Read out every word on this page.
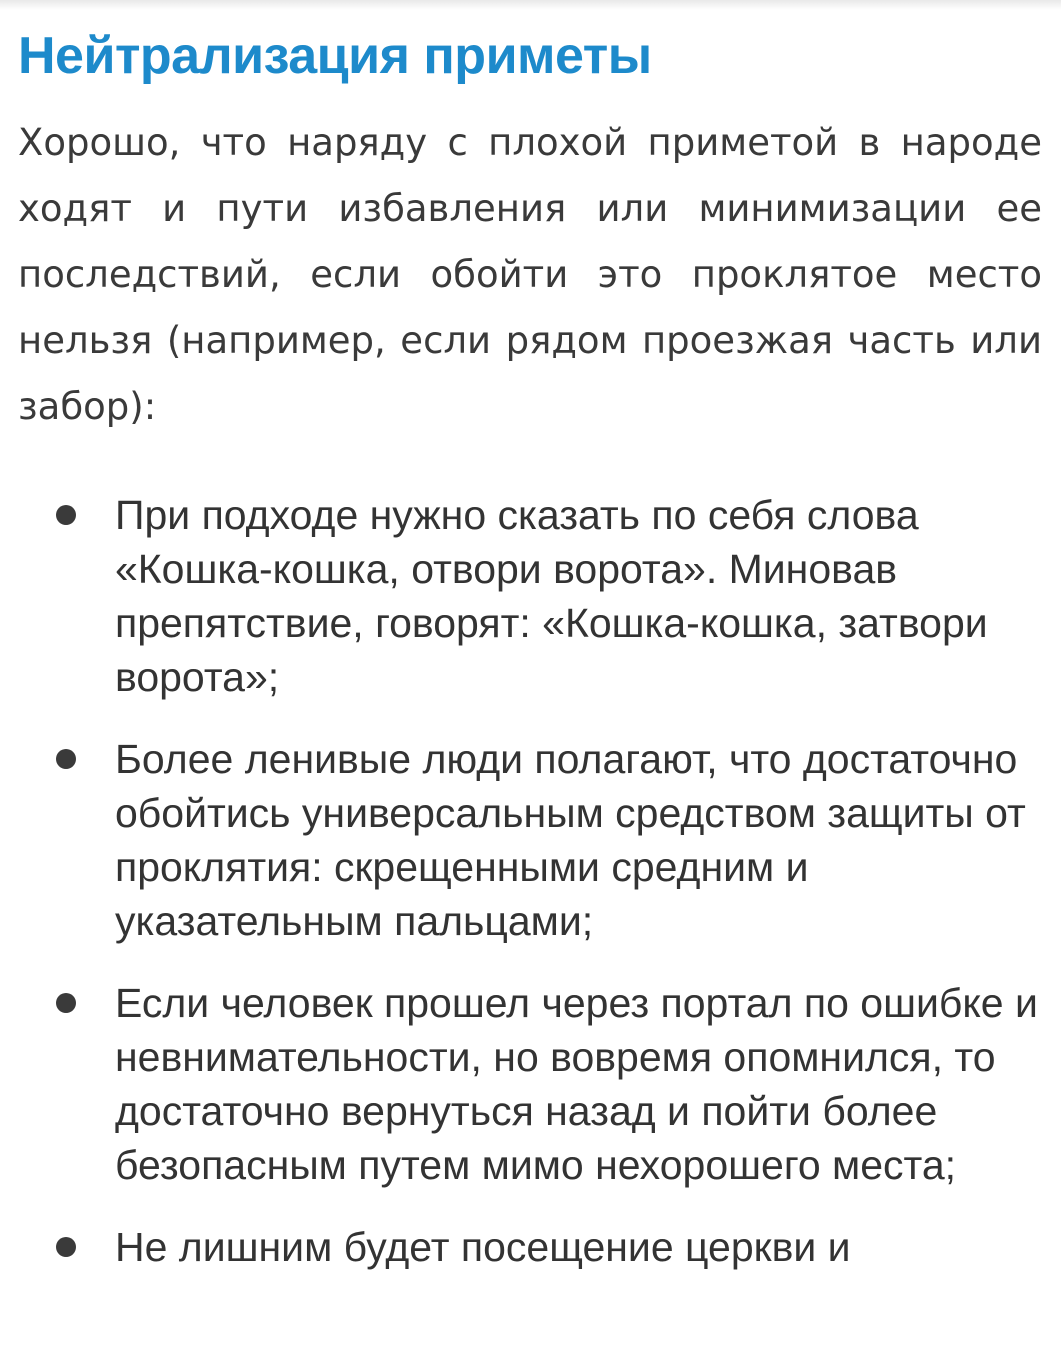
Нейтрализация приметы

Хорошо, что наряду с плохой приметой в народе ходят и пути избавления или минимизации ее последствий, если обойти это проклятое место нельзя (например, если рядом проезжая часть или забор):

При подходе нужно сказать по себя слова «Кошка-кошка, отвори ворота». Миновав препятствие, говорят: «Кошка-кошка, затвори ворота»;
Более ленивые люди полагают, что достаточно обойтись универсальным средством защиты от проклятия: скрещенными средним и указательным пальцами;
Если человек прошел через портал по ошибке и невнимательности, но вовремя опомнился, то достаточно вернуться назад и пойти более безопасным путем мимо нехорошего места;
Не лишним будет посещение церкви и
